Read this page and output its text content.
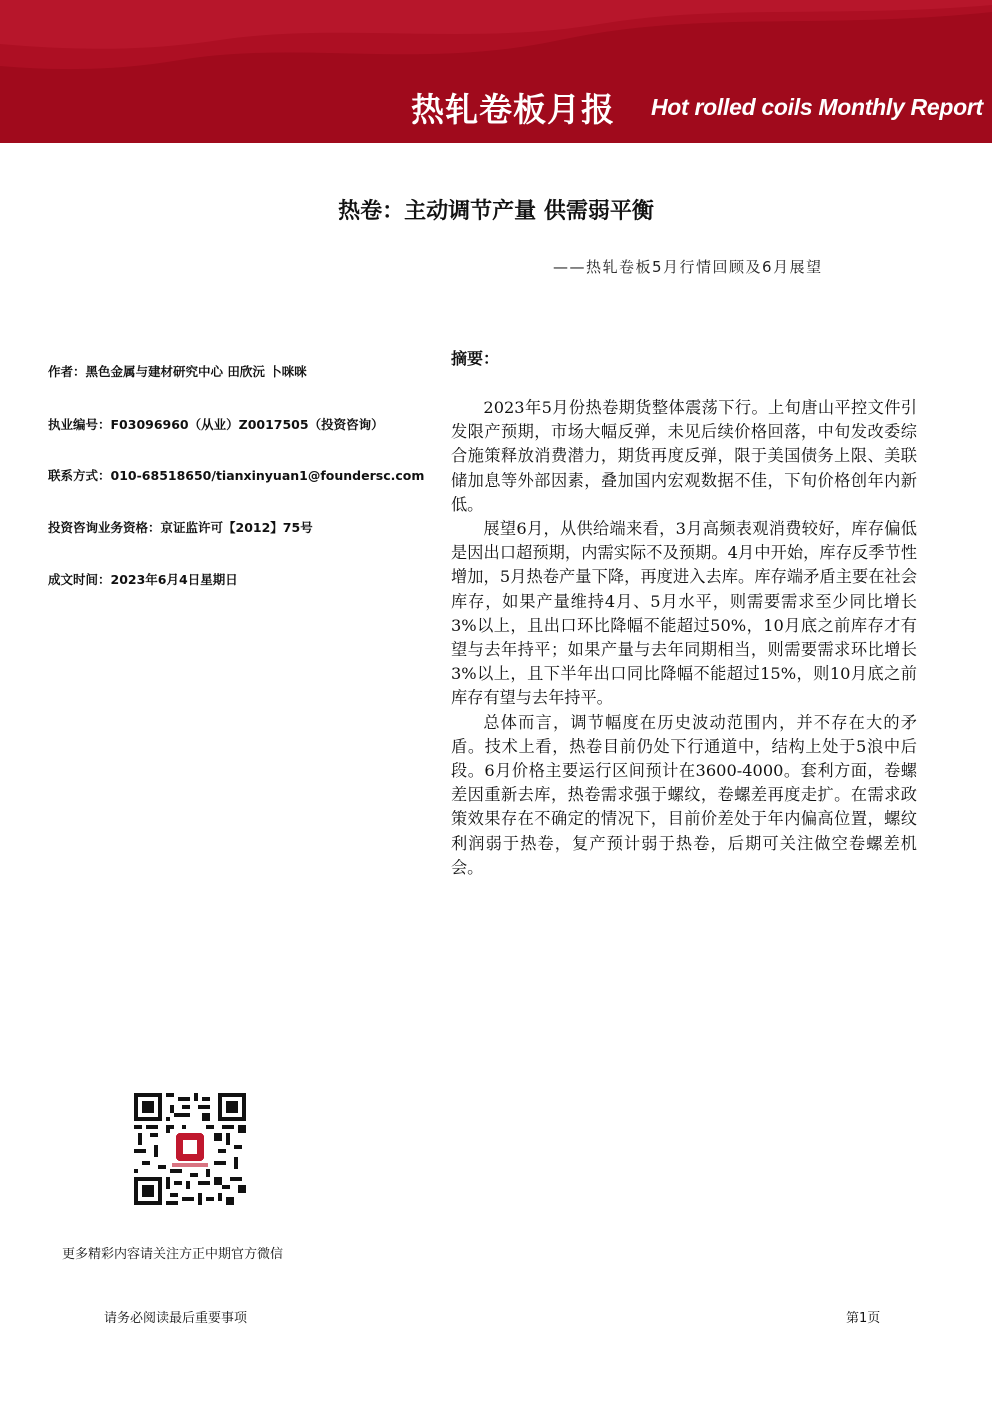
热轧卷板月报 Hot rolled coils Monthly Report
热卷：主动调节产量 供需弱平衡
——热轧卷板5月行情回顾及6月展望
作者：黑色金属与建材研究中心 田欣沅 卜咪咪
执业编号：F03096960（从业）Z0017505（投资咨询）
联系方式：010-68518650/tianxinyuan1@foundersc.com
投资咨询业务资格：京证监许可【2012】75号
成文时间：2023年6月4日星期日
摘要：

2023年5月份热卷期货整体震荡下行。上旬唐山平控文件引发限产预期，市场大幅反弹，未见后续价格回落，中旬发改委综合施策释放消费潜力，期货再度反弹，限于美国债务上限、美联储加息等外部因素，叠加国内宏观数据不佳，下旬价格创年内新低。

展望6月，从供给端来看，3月高频表观消费较好，库存偏低是因出口超预期，内需实际不及预期。4月中开始，库存反季节性增加，5月热卷产量下降，再度进入去库。库存端矛盾主要在社会库存，如果产量维持4月、5月水平，则需要需求至少同比增长3%以上，且出口环比降幅不能超过50%，10月底之前库存才有望与去年持平；如果产量与去年同期相当，则需要需求环比增长3%以上，且下半年出口同比降幅不能超过15%，则10月底之前库存有望与去年持平。

总体而言，调节幅度在历史波动范围内，并不存在大的矛盾。技术上看，热卷目前仍处下行通道中，结构上处于5浪中后段。6月价格主要运行区间预计在3600-4000。套利方面，卷螺差因重新去库，热卷需求强于螺纹，卷螺差再度走扩。在需求政策效果存在不确定的情况下，目前价差处于年内偏高位置，螺纹利润弱于热卷，复产预计弱于热卷，后期可关注做空卷螺差机会。

更多精彩内容请关注方正中期官方微信
请务必阅读最后重要事项	第1页
